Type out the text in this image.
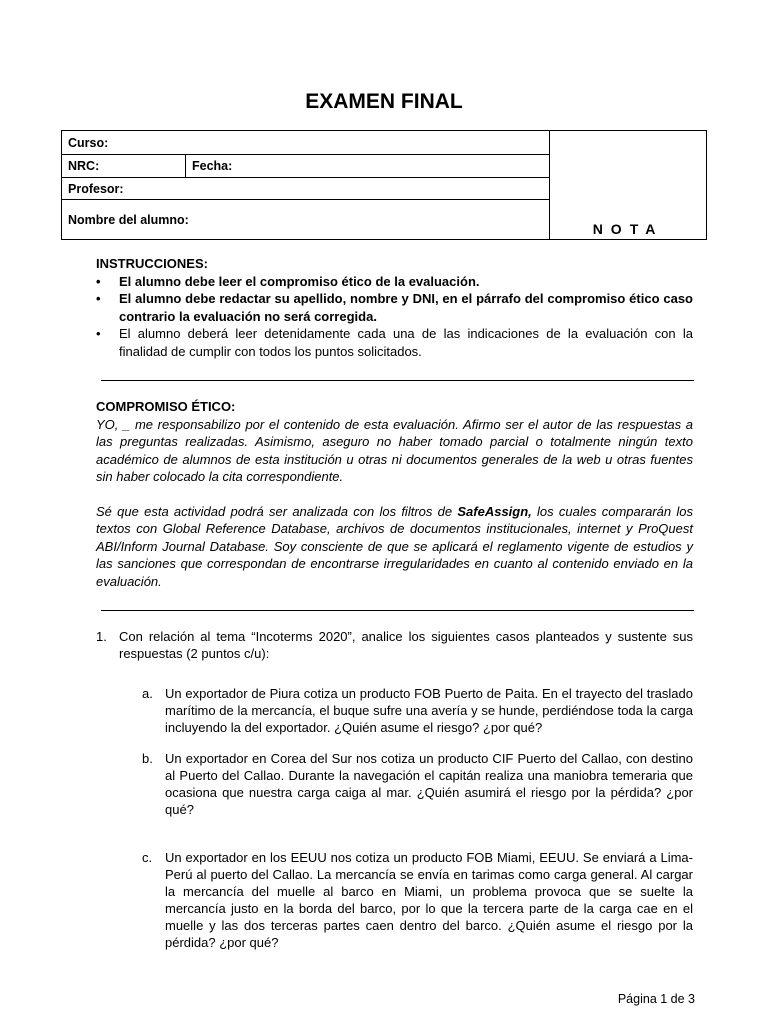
EXAMEN FINAL
Curso:		NOTA
NRC:	Fecha:	
Profesor:		
Nombre del alumno:		
INSTRUCCIONES:
• El alumno debe leer el compromiso ético de la evaluación.
• El alumno debe redactar su apellido, nombre y DNI, en el párrafo del compromiso ético caso contrario la evaluación no será corregida.
• El alumno deberá leer detenidamente cada una de las indicaciones de la evaluación con la finalidad de cumplir con todos los puntos solicitados.
COMPROMISO ÉTICO:

YO, _ me responsabilizo por el contenido de esta evaluación. Afirmo ser el autor de las respuestas a las preguntas realizadas. Asimismo, aseguro no haber tomado parcial o totalmente ningún texto académico de alumnos de esta institución u otras ni documentos generales de la web u otras fuentes sin haber colocado la cita correspondiente.

Sé que esta actividad podrá ser analizada con los filtros de SafeAssign, los cuales compararán los textos con Global Reference Database, archivos de documentos institucionales, internet y ProQuest ABI/Inform Journal Database. Soy consciente de que se aplicará el reglamento vigente de estudios y las sanciones que correspondan de encontrarse irregularidades en cuanto al contenido enviado en la evaluación.

1. Con relación al tema “Incoterms 2020”, analice los siguientes casos planteados y sustente sus respuestas (2 puntos c/u):
a. Un exportador de Piura cotiza un producto FOB Puerto de Paita. En el trayecto del traslado marítimo de la mercancía, el buque sufre una avería y se hunde, perdiéndose toda la carga incluyendo la del exportador. ¿Quién asume el riesgo? ¿por qué?
b. Un exportador en Corea del Sur nos cotiza un producto CIF Puerto del Callao, con destino al Puerto del Callao. Durante la navegación el capitán realiza una maniobra temeraria que ocasiona que nuestra carga caiga al mar. ¿Quién asumirá el riesgo por la pérdida? ¿por qué?
c. Un exportador en los EEUU nos cotiza un producto FOB Miami, EEUU. Se enviará a Lima-Perú al puerto del Callao. La mercancía se envía en tarimas como carga general. Al cargar la mercancía del muelle al barco en Miami, un problema provoca que se suelte la mercancía justo en la borda del barco, por lo que la tercera parte de la carga cae en el muelle y las dos terceras partes caen dentro del barco. ¿Quién asume el riesgo por la pérdida? ¿por qué?
Página 1 de 3
